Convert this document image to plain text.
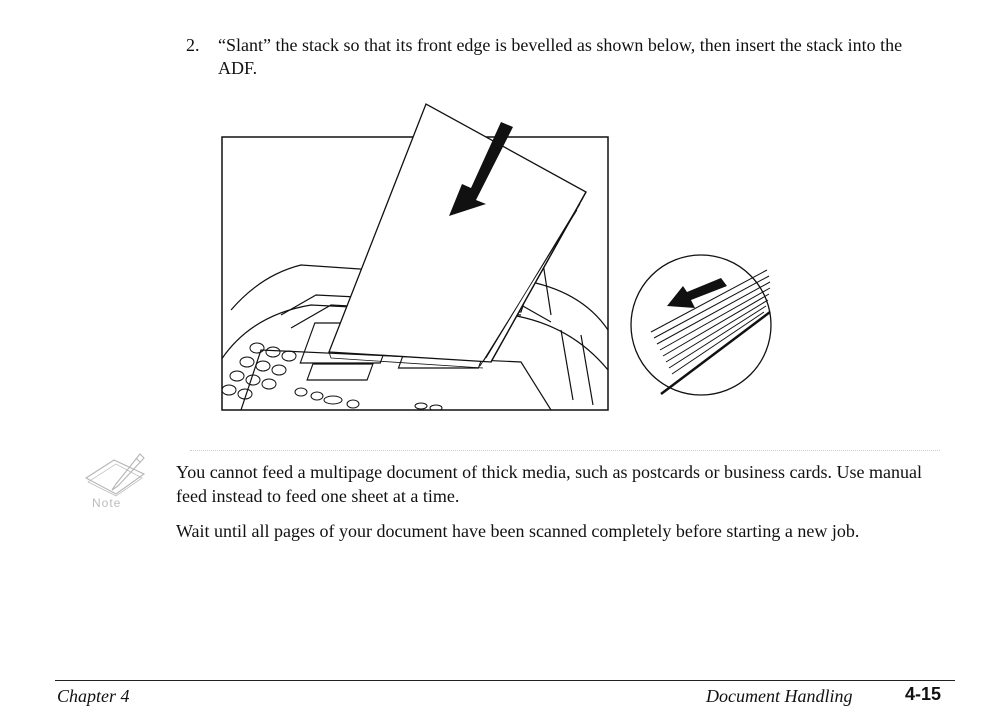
2. “Slant” the stack so that its front edge is bevelled as shown below, then insert the stack into the ADF.
Note

You cannot feed a multipage document of thick media, such as postcards or business cards. Use manual feed instead to feed one sheet at a time.

Wait until all pages of your document have been scanned completely before starting a new job.

Chapter 4	Document Handling	4-15
